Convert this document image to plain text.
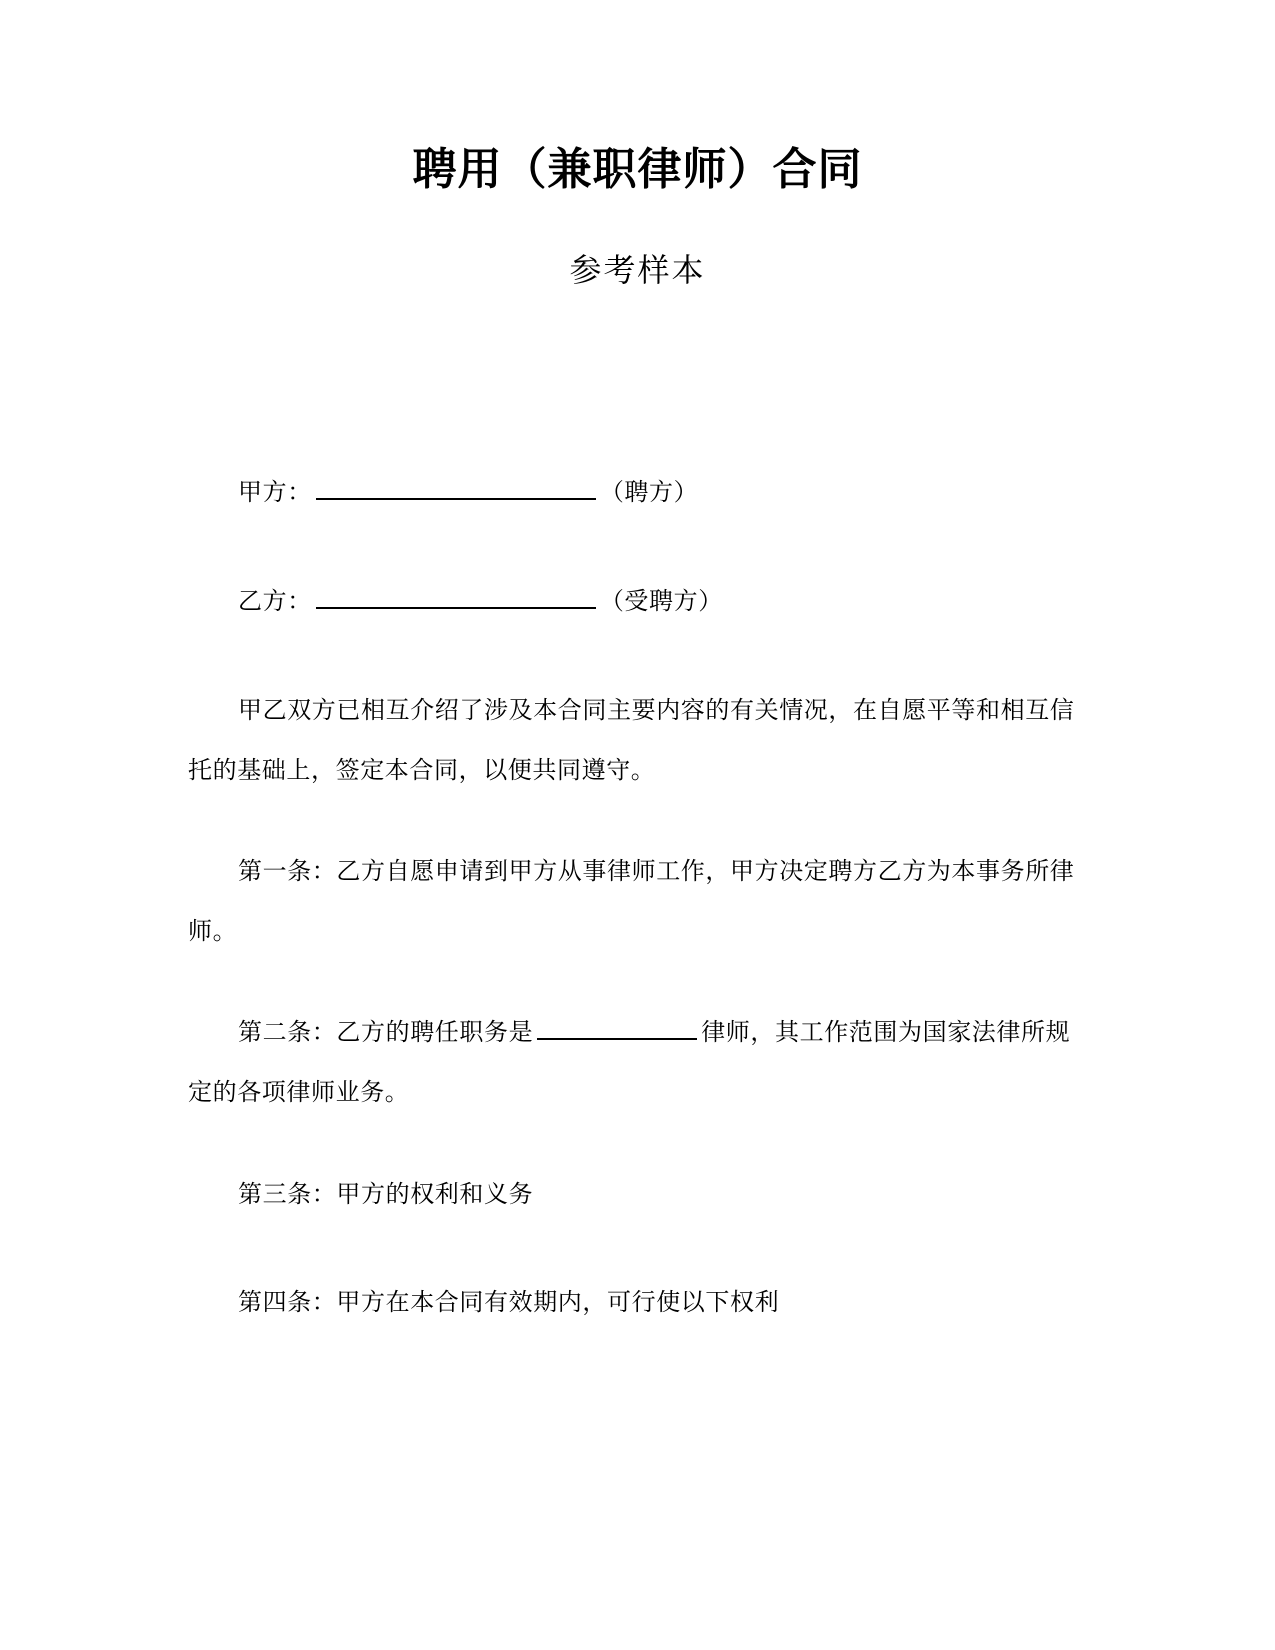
聘用（兼职律师）合同
参考样本
甲方：	（聘方）
乙方：	（受聘方）
甲乙双方已相互介绍了涉及本合同主要内容的有关情况，在自愿平等和相互信托的基础上，签定本合同，以便共同遵守。
第一条：乙方自愿申请到甲方从事律师工作，甲方决定聘方乙方为本事务所律师。
第二条：乙方的聘任职务是	律师，其工作范围为国家法律所规定的各项律师业务。
第三条：甲方的权利和义务
第四条：甲方在本合同有效期内，可行使以下权利
